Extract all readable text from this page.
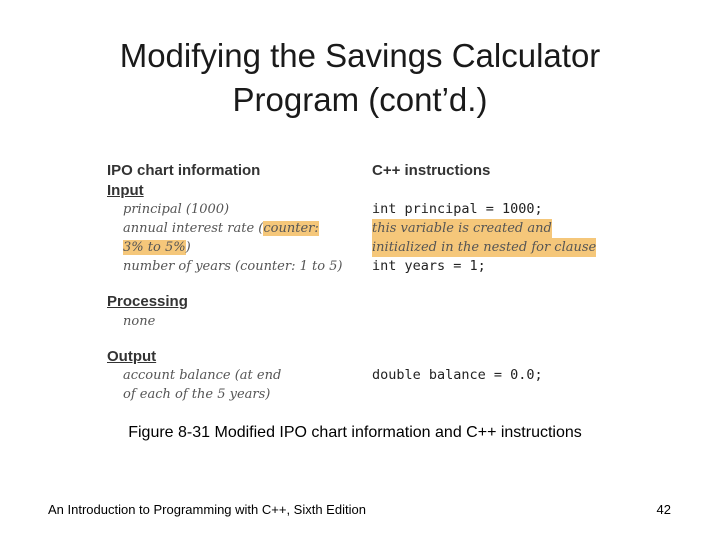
Modifying the Savings Calculator
Program (cont’d.)
IPO chart information	C++ instructions
Input
principal (1000)
annual interest rate (counter:
3% to 5%)
number of years (counter: 1 to 5)
Processing
none
Output
account balance (at end
of each of the 5 years)
int principal = 1000;
this variable is created and
initialized in the nested for clause
int years = 1;
double balance = 0.0;
Figure 8-31 Modified IPO chart information and C++ instructions
An Introduction to Programming with C++, Sixth Edition	42
